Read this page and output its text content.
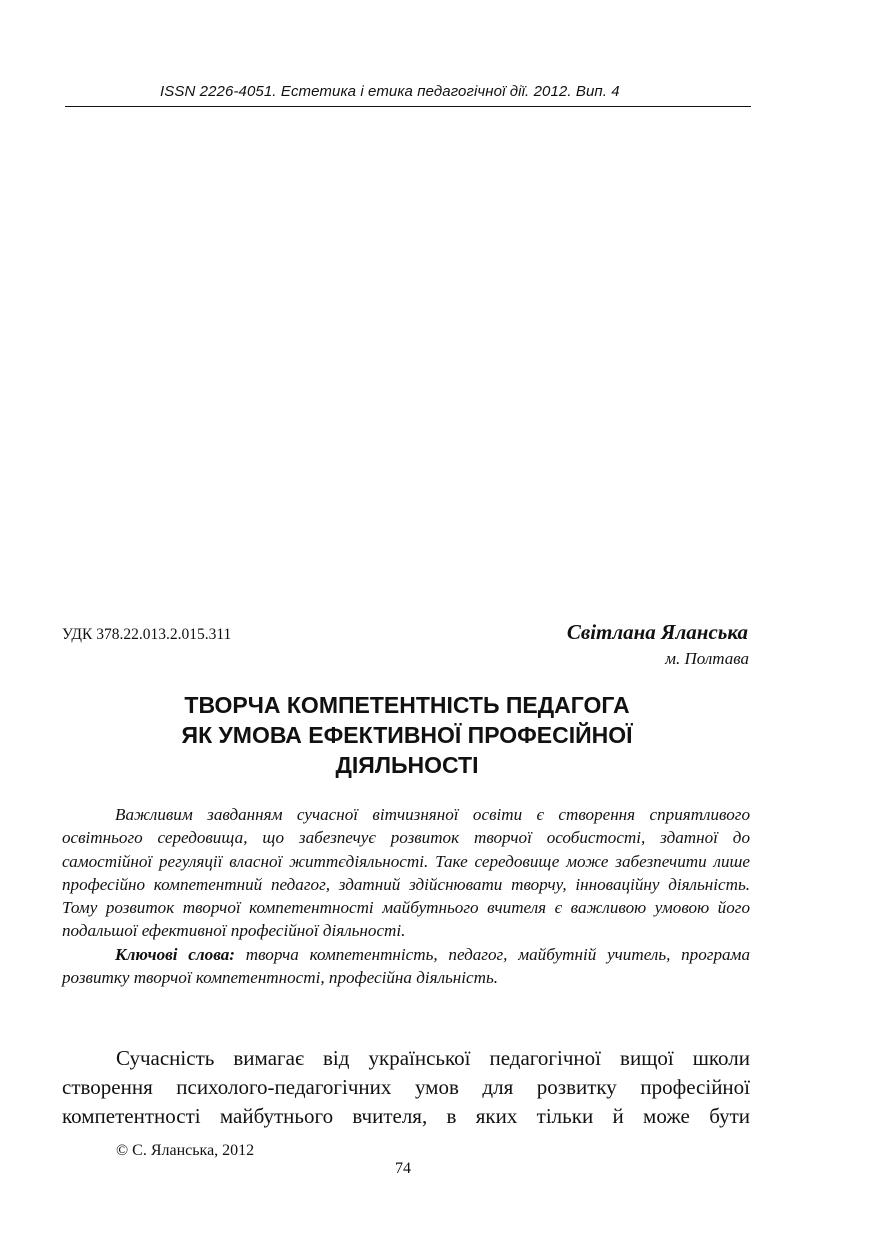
ISSN 2226-4051. Естетика і етика педагогічної дії. 2012. Вип. 4
УДК 378.22.013.2.015.311	Світлана Яланська
м. Полтава
ТВОРЧА КОМПЕТЕНТНІСТЬ ПЕДАГОГА
ЯК УМОВА ЕФЕКТИВНОЇ ПРОФЕСІЙНОЇ
ДІЯЛЬНОСТІ

Важливим завданням сучасної вітчизняної освіти є створення сприятливого освітнього середовища, що забезпечує розвиток творчої особистості, здатної до самостійної регуляції власної життєдіяльності. Таке середовище може забезпечити лише професійно компетентний педагог, здатний здійснювати творчу, інноваційну діяльність. Тому розвиток творчої компетентності майбутнього вчителя є важливою умовою його подальшої ефективної професійної діяльності.

Ключові слова: творча компетентність, педагог, майбутній учитель, програма розвитку творчої компетентності, професійна діяльність.

Сучасність вимагає від української педагогічної вищої школи
створення психолого-педагогічних умов для розвитку професійної
компетентності майбутнього вчителя, в яких тільки й може бути
© С. Яланська, 2012
74
